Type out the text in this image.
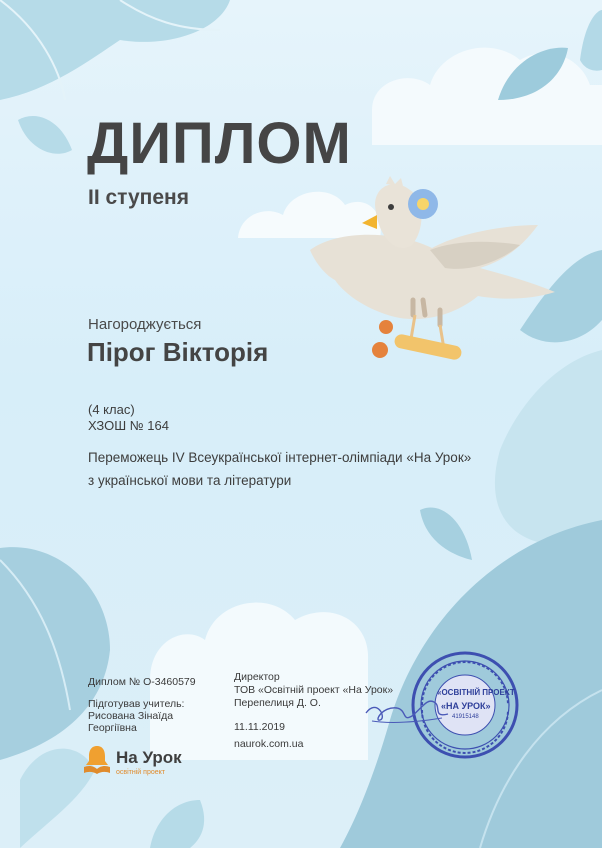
ДИПЛОМ
ІІ ступеня
Нагороджується
Пірог Вікторія
(4 клас)
ХЗОШ № 164
Переможець IV Всеукраїнської інтернет-олімпіади «На Урок»
з української мови та літератури
Диплом № О-3460579
Підготував учитель:
Рисована Зінаїда
Георгіївна
Директор
ТОВ «Освітній проект «На Урок»
Перепелиця Д. О.
11.11.2019
naurok.com.ua
На Урок
освітній проект
«ОСВІТНІЙ ПРОЕКТ
«НА УРОК»
41915148
